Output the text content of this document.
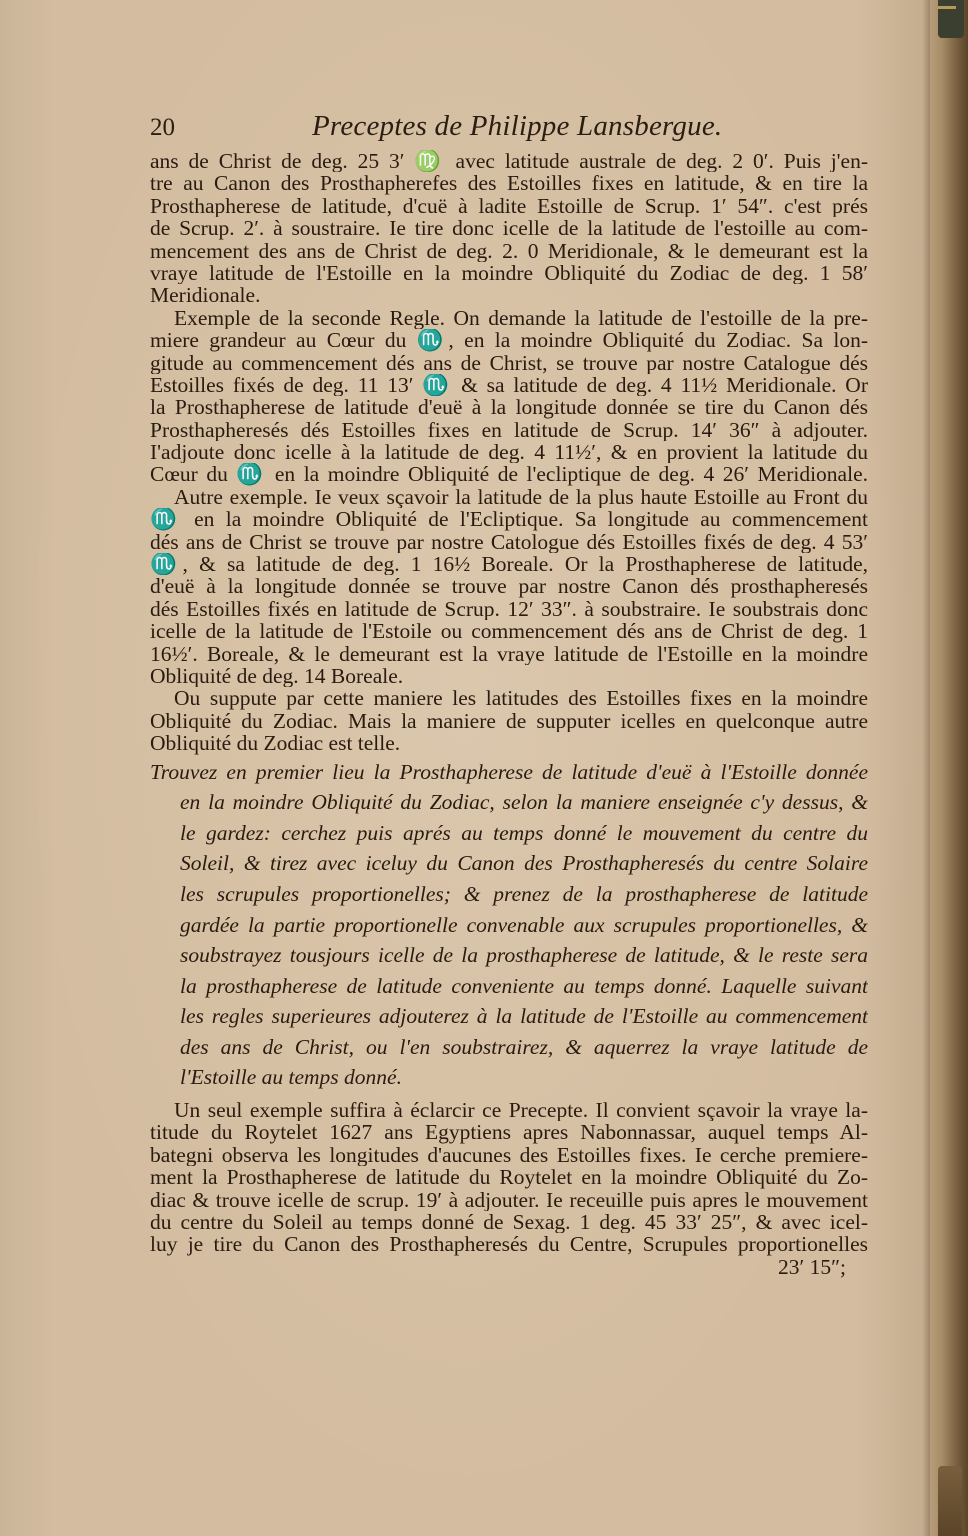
20	Preceptes de Philippe Lansbergue.
ans de Christ de deg. 25 3′ ♍ avec latitude australe de deg. 2 0′. Puis j'en-
tre au Canon des Prosthapherefes des Estoilles fixes en latitude, & en tire la
Prosthapherese de latitude, d'cuë à ladite Estoille de Scrup. 1′ 54″. c'est prés
de Scrup. 2′. à soustraire. Ie tire donc icelle de la latitude de l'estoille au com-
mencement des ans de Christ de deg. 2. 0 Meridionale, & le demeurant est la
vraye latitude de l'Estoille en la moindre Obliquité du Zodiac de deg. 1 58′
Meridionale.
Exemple de la seconde Regle. On demande la latitude de l'estoille de la pre-
miere grandeur au Cœur du ♏, en la moindre Obliquité du Zodiac. Sa lon-
gitude au commencement dés ans de Christ, se trouve par nostre Catalogue dés
Estoilles fixés de deg. 11 13′ ♏ & sa latitude de deg. 4 11½ Meridionale. Or
la Prosthapherese de latitude d'euë à la longitude donnée se tire du Canon dés
Prosthapheresés dés Estoilles fixes en latitude de Scrup. 14′ 36″ à adjouter.
I'adjoute donc icelle à la latitude de deg. 4 11½′, & en provient la latitude du
Cœur du ♏ en la moindre Obliquité de l'ecliptique de deg. 4 26′ Meridionale.
Autre exemple. Ie veux sçavoir la latitude de la plus haute Estoille au Front du
♏ en la moindre Obliquité de l'Ecliptique. Sa longitude au commencement
dés ans de Christ se trouve par nostre Catologue dés Estoilles fixés de deg. 4 53′
♏, & sa latitude de deg. 1 16½ Boreale. Or la Prosthapherese de latitude,
d'euë à la longitude donnée se trouve par nostre Canon dés prosthapheresés
dés Estoilles fixés en latitude de Scrup. 12′ 33″. à soubstraire. Ie soubstrais donc
icelle de la latitude de l'Estoile ou commencement dés ans de Christ de deg. 1
16½′. Boreale, & le demeurant est la vraye latitude de l'Estoille en la moindre
Obliquité de deg. 14 Boreale.
Ou suppute par cette maniere les latitudes des Estoilles fixes en la moindre
Obliquité du Zodiac. Mais la maniere de supputer icelles en quelconque autre
Obliquité du Zodiac est telle.
Trouvez en premier lieu la Prosthapherese de latitude d'euë à l'Estoille donnée
en la moindre Obliquité du Zodiac, selon la maniere enseignée c'y dessus, &
le gardez: cerchez puis aprés au temps donné le mouvement du centre du
Soleil, & tirez avec iceluy du Canon des Prosthapheresés du centre Solaire
les scrupules proportionelles; & prenez de la prosthapherese de latitude
gardée la partie proportionelle convenable aux scrupules proportionelles, &
soubstrayez tousjours icelle de la prosthapherese de latitude, & le reste sera
la prosthapherese de latitude conveniente au temps donné. Laquelle suivant
les regles superieures adjouterez à la latitude de l'Estoille au commencement
des ans de Christ, ou l'en soubstrairez, & aquerrez la vraye latitude de
l'Estoille au temps donné.
Un seul exemple suffira à éclarcir ce Precepte. Il convient sçavoir la vraye la-
titude du Roytelet 1627 ans Egyptiens apres Nabonnassar, auquel temps Al-
bategni observa les longitudes d'aucunes des Estoilles fixes. Ie cerche premiere-
ment la Prosthapherese de latitude du Roytelet en la moindre Obliquité du Zo-
diac & trouve icelle de scrup. 19′ à adjouter. Ie receuille puis apres le mouvement
du centre du Soleil au temps donné de Sexag. 1 deg. 45 33′ 25″, & avec icel-
luy je tire du Canon des Prosthapheresés du Centre, Scrupules proportionelles
23′ 15″;
